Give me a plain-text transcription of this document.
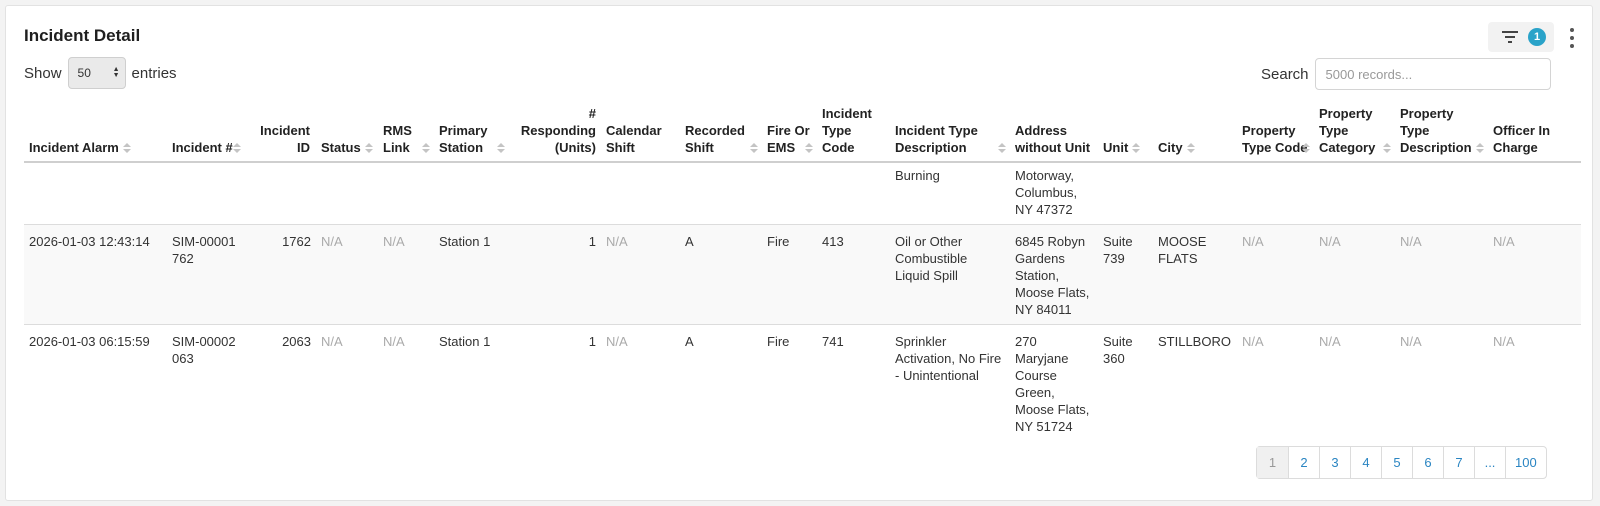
Incident Detail	1
Show 50	▲
▼ entries	Search
5000 records...
Incident Alarm	Incident #	Incident ID	Status	RMS Link	Primary Station	# Responding (Units)	Calendar Shift	Recorded Shift	Fire Or EMS	Incident Type Code	Incident Type Description	Address without Unit	Unit	City	Property Type Code	Property Type Category	Property Type Description	Officer In Charge
											Burning	Motorway, Columbus, NY 47372						
2026-01-03 12:43:14	SIM-00001762	1762	N/A	N/A	Station 1	1	N/A	A	Fire	413	Oil or Other Combustible Liquid Spill	6845 Robyn Gardens Station, Moose Flats, NY 84011	Suite 739	MOOSE FLATS	N/A	N/A	N/A	N/A
2026-01-03 06:15:59	SIM-00002063	2063	N/A	N/A	Station 1	1	N/A	A	Fire	741	Sprinkler Activation, No Fire - Unintentional	270 Maryjane Course Green, Moose Flats, NY 51724	Suite 360	STILLBORO	N/A	N/A	N/A	N/A
1	2	3	4	5	6	7	...	100
